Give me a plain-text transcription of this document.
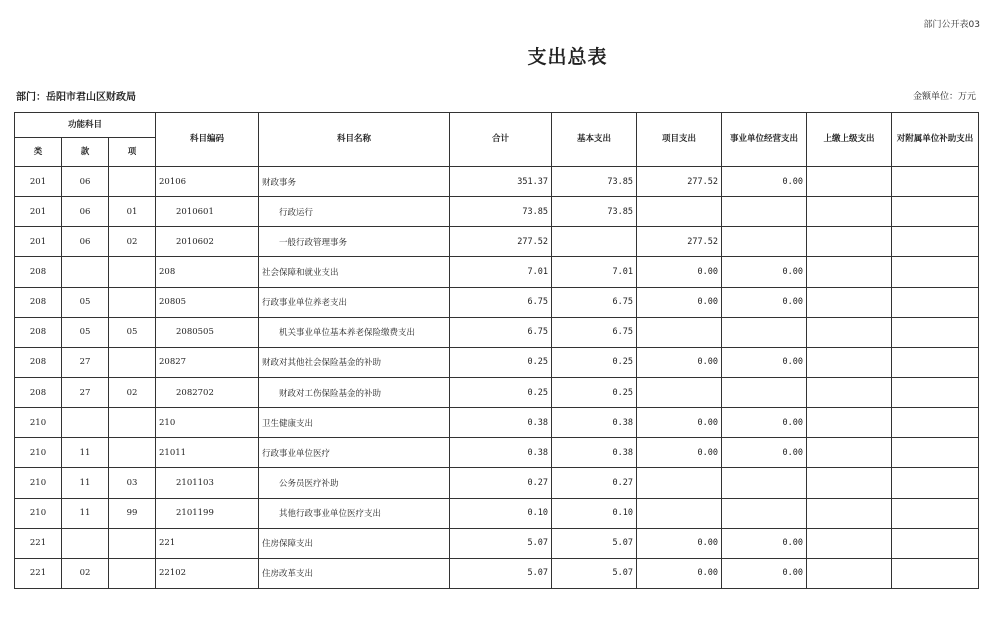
部门公开表03
支出总表
部门：岳阳市君山区财政局	金额单位：万元
功能科目			科目编码	科目名称	合计	基本支出	项目支出	事业单位经营支出	上缴上级支出	对附属单位补助支出
类	款	项								
201	06		20106	财政事务	351.37	73.85	277.52	0.00		
201	06	01	2010601	行政运行	73.85	73.85				
201	06	02	2010602	一般行政管理事务	277.52		277.52			
208			208	社会保障和就业支出	7.01	7.01	0.00	0.00		
208	05		20805	行政事业单位养老支出	6.75	6.75	0.00	0.00		
208	05	05	2080505	机关事业单位基本养老保险缴费支出	6.75	6.75				
208	27		20827	财政对其他社会保险基金的补助	0.25	0.25	0.00	0.00		
208	27	02	2082702	财政对工伤保险基金的补助	0.25	0.25				
210			210	卫生健康支出	0.38	0.38	0.00	0.00		
210	11		21011	行政事业单位医疗	0.38	0.38	0.00	0.00		
210	11	03	2101103	公务员医疗补助	0.27	0.27				
210	11	99	2101199	其他行政事业单位医疗支出	0.10	0.10				
221			221	住房保障支出	5.07	5.07	0.00	0.00		
221	02		22102	住房改革支出	5.07	5.07	0.00	0.00		
